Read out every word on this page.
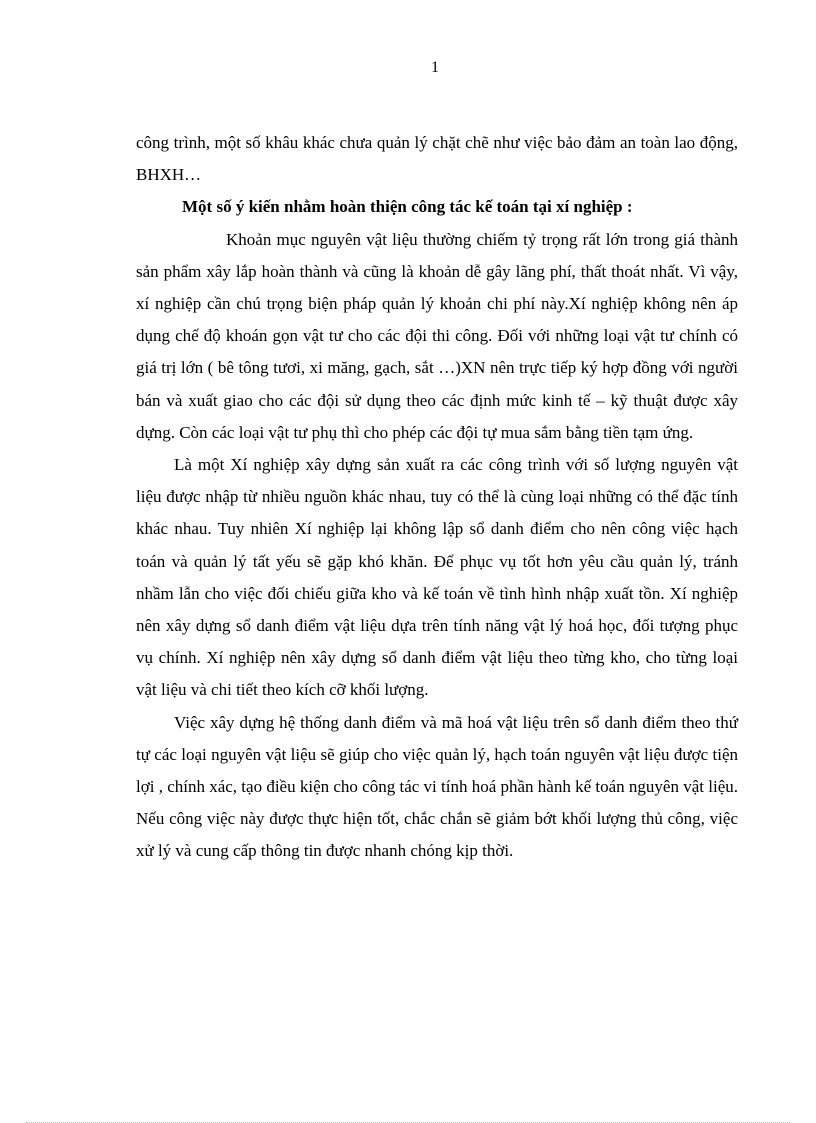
1

công trình, một số khâu khác chưa quản lý chặt chẽ như việc bảo đảm an toàn lao động, BHXH…

Một số ý kiến nhằm hoàn thiện công tác kế toán tại xí nghiệp :

Khoản mục nguyên vật liệu thường chiếm tỷ trọng rất lớn trong giá thành sản phẩm xây lắp hoàn thành và cũng là khoản dễ gây lãng phí, thất thoát nhất. Vì vậy, xí nghiệp cần chú trọng biện pháp quản lý khoản chi phí này.Xí nghiệp không nên áp dụng chế độ khoán gọn vật tư cho các đội thi công. Đối với những loại vật tư chính có giá trị lớn ( bê tông tươi, xi măng, gạch, sắt …)XN nên trực tiếp ký hợp đồng với người bán và xuất giao cho các đội sử dụng theo các định mức kinh tế – kỹ thuật được xây dựng. Còn các loại vật tư phụ thì cho phép các đội tự mua sắm bằng tiền tạm ứng.

Là một Xí nghiệp xây dựng sản xuất ra các công trình với số lượng nguyên vật liệu được nhập từ nhiều nguồn khác nhau, tuy có thể là cùng loại những có thể đặc tính khác nhau. Tuy nhiên Xí nghiệp lại không lập sổ danh điểm cho nên công việc hạch toán và quản lý tất yếu sẽ gặp khó khăn. Để phục vụ tốt hơn yêu cầu quản lý, tránh nhầm lẫn cho việc đối chiếu giữa kho và kế toán về tình hình nhập xuất tồn. Xí nghiệp nên xây dựng sổ danh điểm vật liệu dựa trên tính năng vật lý hoá học, đối tượng phục vụ chính. Xí nghiệp nên xây dựng sổ danh điểm vật liệu theo từng kho, cho từng loại vật liệu và chi tiết theo kích cỡ khối lượng.

Việc xây dựng hệ thống danh điểm và mã hoá vật liệu trên sổ danh điểm theo thứ tự các loại nguyên vật liệu sẽ giúp cho việc quản lý, hạch toán nguyên vật liệu được tiện lợi , chính xác, tạo điều kiện cho công tác vi tính hoá phần hành kế toán nguyên vật liệu. Nếu công việc này được thực hiện tốt, chắc chắn sẽ giảm bớt khối lượng thủ công, việc xử lý và cung cấp thông tin được nhanh chóng kịp thời.
